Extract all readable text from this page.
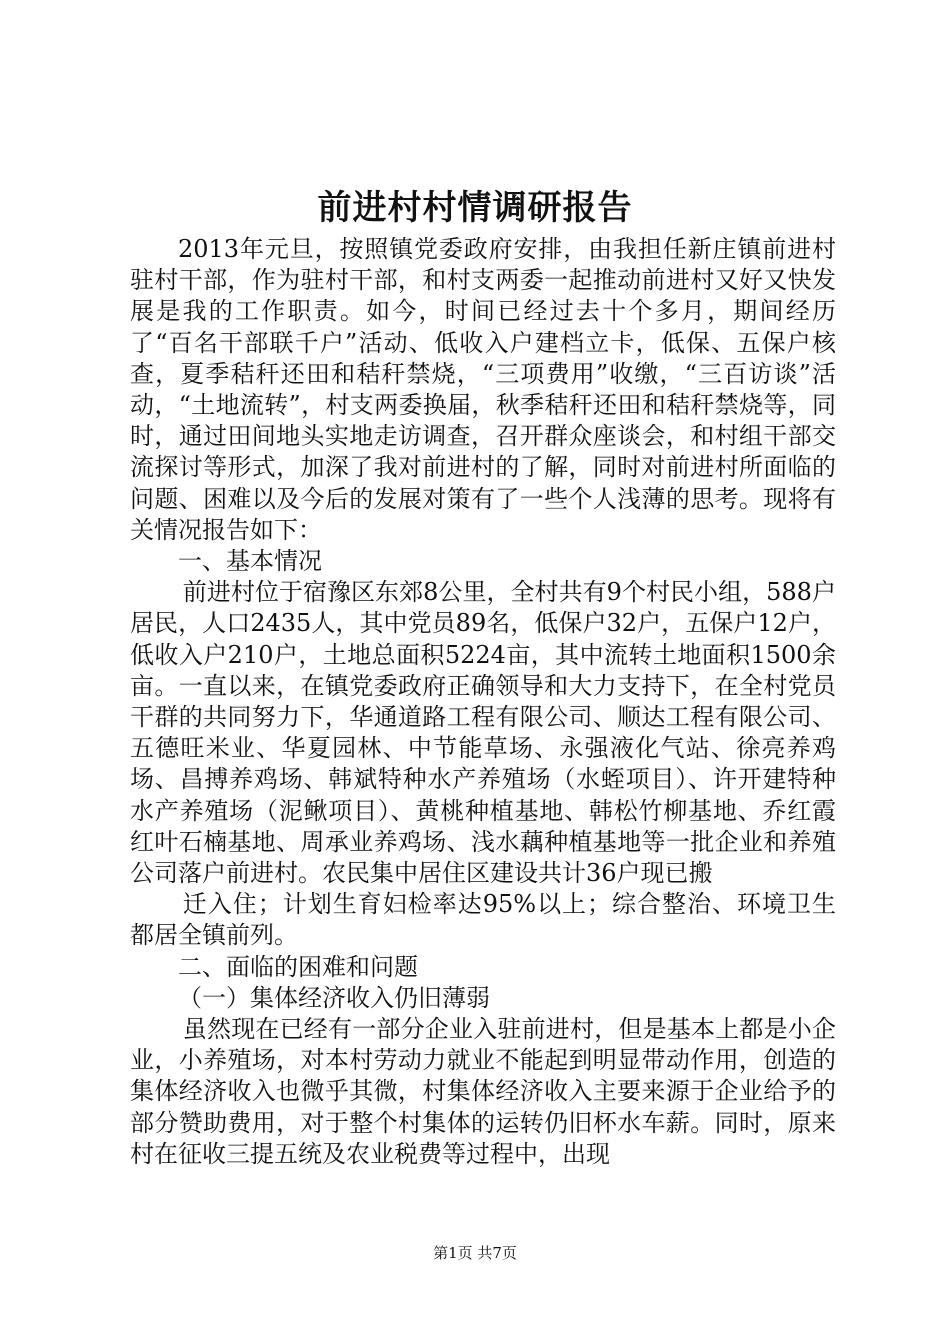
前进村村情调研报告

2013年元旦，按照镇党委政府安排，由我担任新庄镇前进村驻村干部，作为驻村干部，和村支两委一起推动前进村又好又快发展是我的工作职责。如今，时间已经过去十个多月，期间经历了“百名干部联千户”活动、低收入户建档立卡，低保、五保户核查，夏季秸秆还田和秸秆禁烧，“三项费用”收缴，“三百访谈”活动，“土地流转”，村支两委换届，秋季秸秆还田和秸秆禁烧等，同时，通过田间地头实地走访调查，召开群众座谈会，和村组干部交流探讨等形式，加深了我对前进村的了解，同时对前进村所面临的问题、困难以及今后的发展对策有了一些个人浅薄的思考。现将有关情况报告如下：

一、基本情况

前进村位于宿豫区东郊8公里，全村共有9个村民小组，588户居民，人口2435人，其中党员89名，低保户32户，五保户12户，低收入户210户，土地总面积5224亩，其中流转土地面积1500余亩。一直以来，在镇党委政府正确领导和大力支持下，在全村党员干群的共同努力下，华通道路工程有限公司、顺达工程有限公司、五德旺米业、华夏园林、中节能草场、永强液化气站、徐亮养鸡场、昌搏养鸡场、韩斌特种水产养殖场（水蛭项目）、许开建特种水产养殖场（泥鳅项目）、黄桃种植基地、韩松竹柳基地、乔红霞红叶石楠基地、周承业养鸡场、浅水藕种植基地等一批企业和养殖公司落户前进村。农民集中居住区建设共计36户现已搬

迁入住；计划生育妇检率达95%以上；综合整治、环境卫生都居全镇前列。

二、面临的困难和问题

（一）集体经济收入仍旧薄弱

虽然现在已经有一部分企业入驻前进村，但是基本上都是小企业，小养殖场，对本村劳动力就业不能起到明显带动作用，创造的集体经济收入也微乎其微，村集体经济收入主要来源于企业给予的部分赞助费用，对于整个村集体的运转仍旧杯水车薪。同时，原来村在征收三提五统及农业税费等过程中，出现

第1页 共7页
